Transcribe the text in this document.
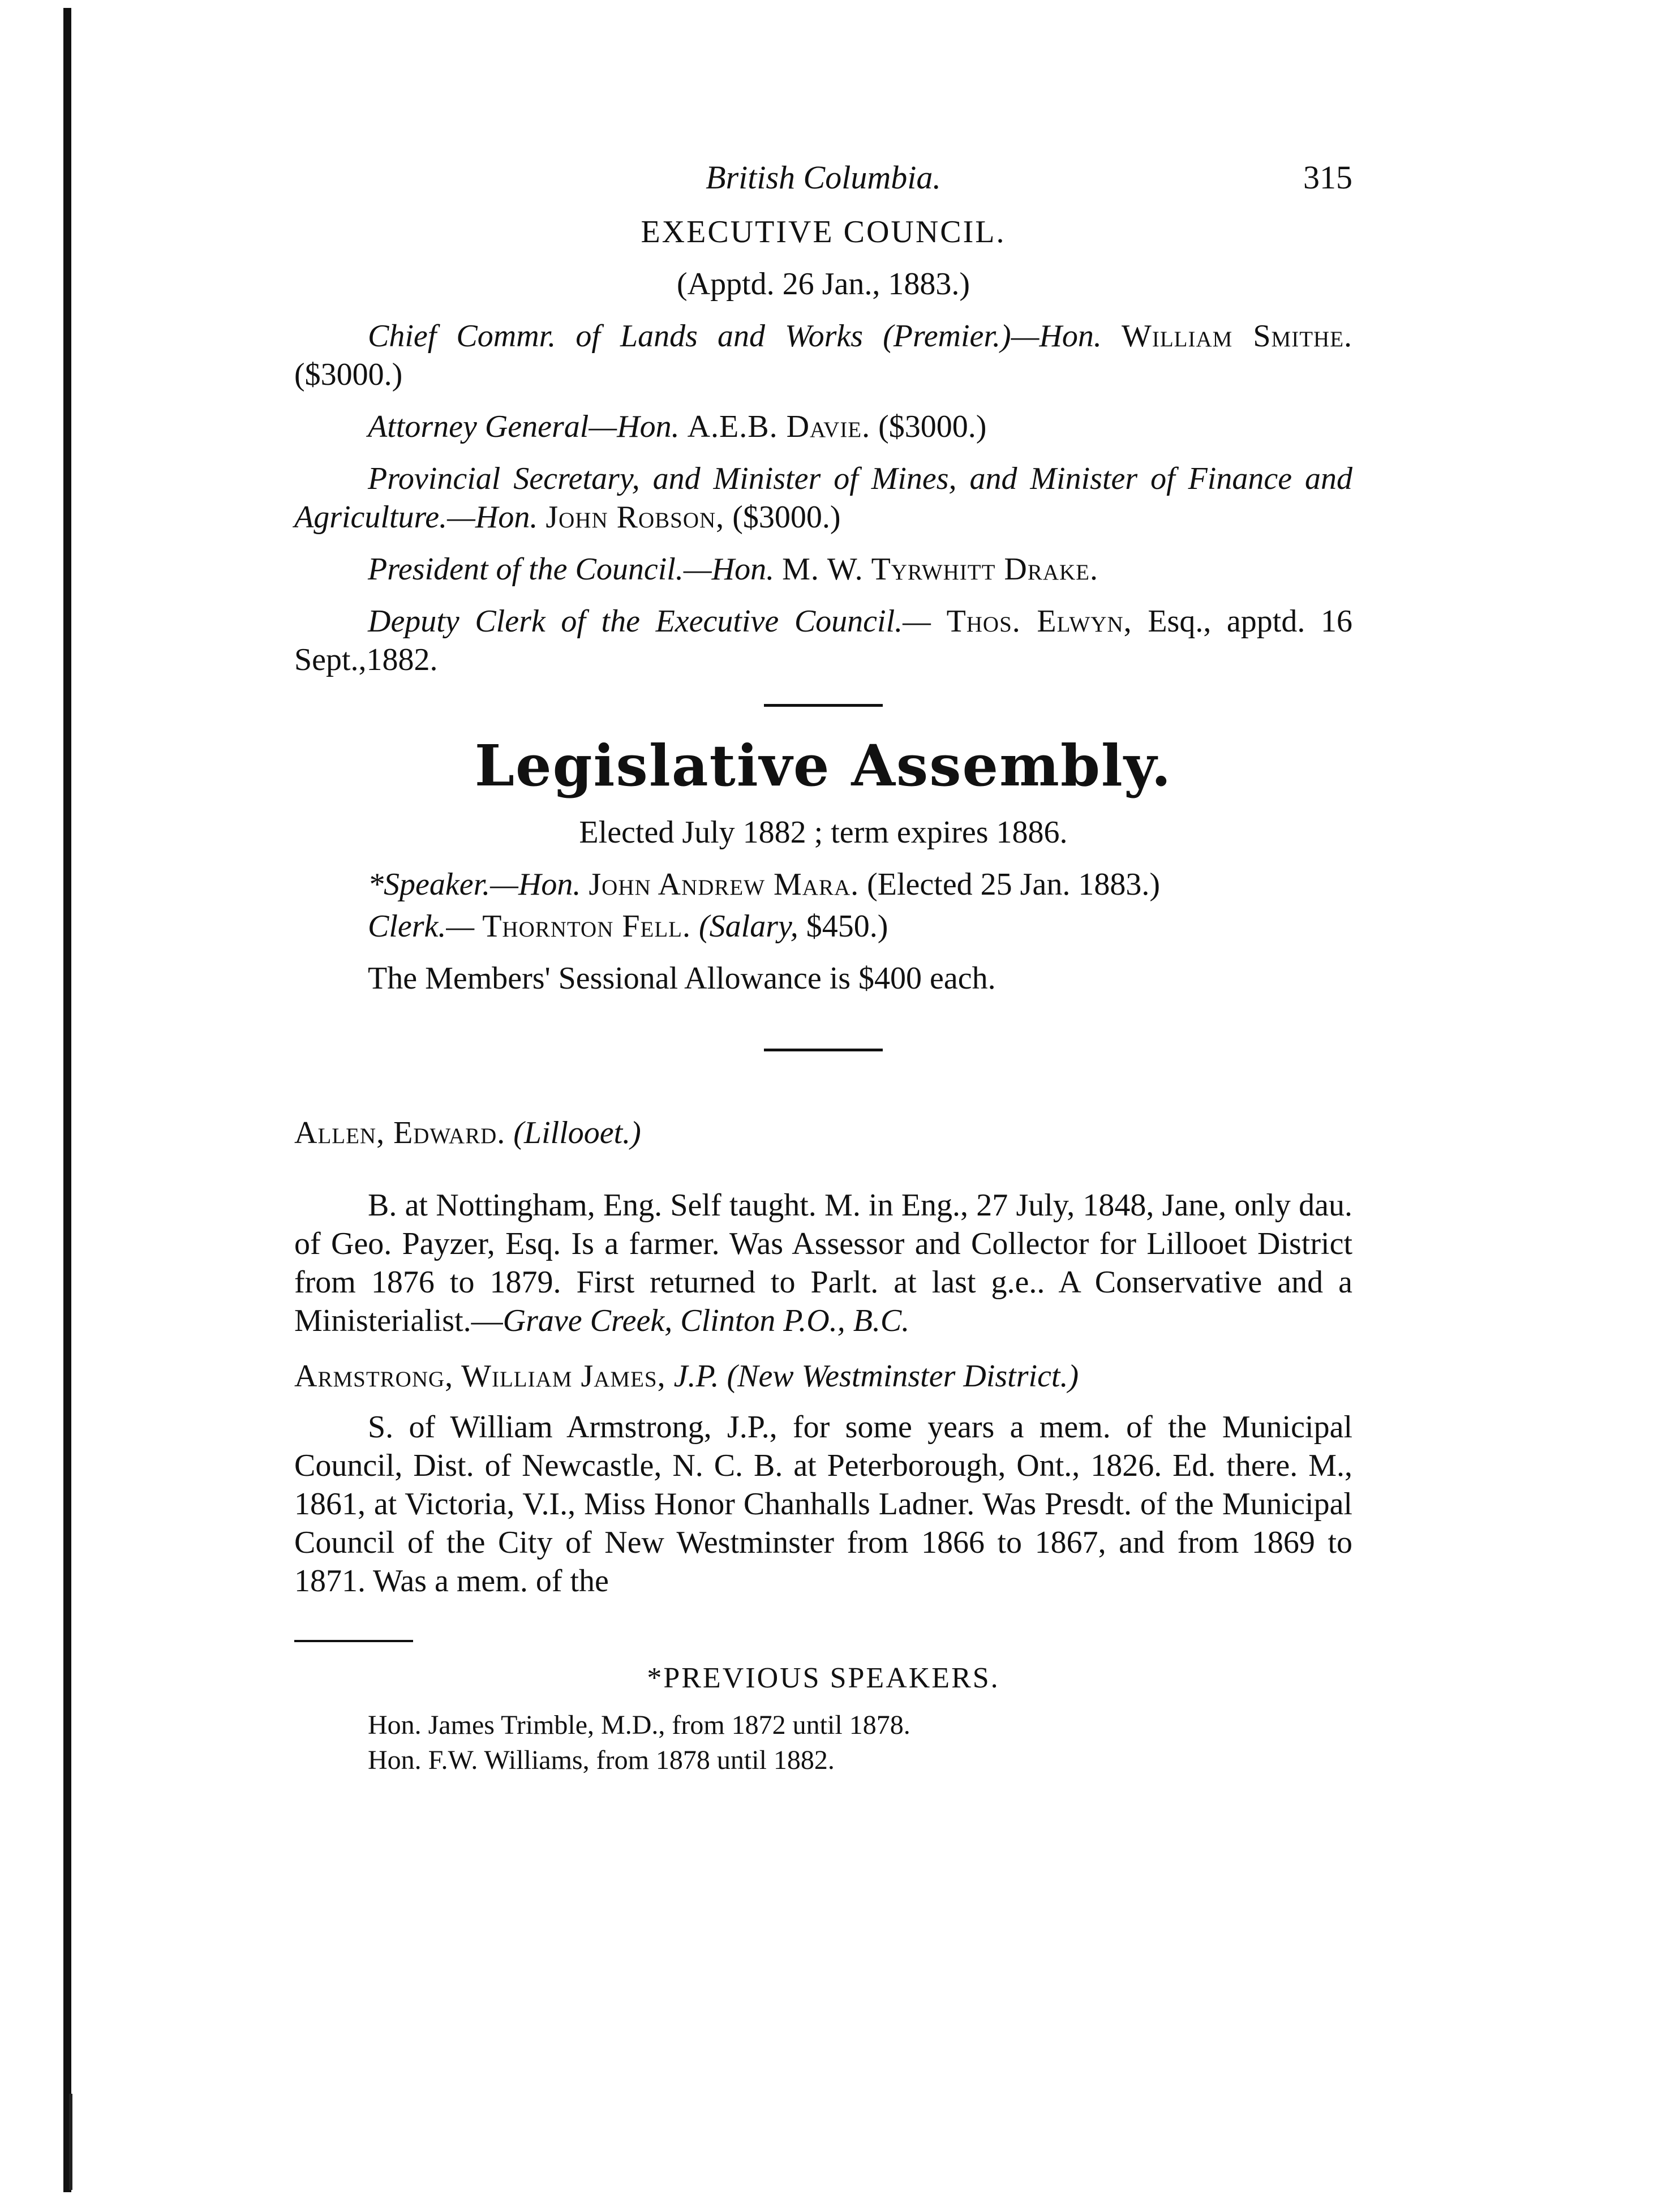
British Columbia.	315
EXECUTIVE COUNCIL.
(Apptd. 26 Jan., 1883.)

Chief Commr. of Lands and Works (Premier.)—Hon. William Smithe. ($3000.)

Attorney General—Hon. A.E.B. Davie. ($3000.)

Provincial Secretary, and Minister of Mines, and Minister of Finance and Agriculture.—Hon. John Robson, ($3000.)

President of the Council.—Hon. M. W. Tyrwhitt Drake.

Deputy Clerk of the Executive Council.— Thos. Elwyn, Esq., apptd. 16 Sept.,1882.

Legislative Assembly.
Elected July 1882 ; term expires 1886.

*Speaker.—Hon. John Andrew Mara. (Elected 25 Jan. 1883.)

Clerk.— Thornton Fell. (Salary, $450.)

The Members' Sessional Allowance is $400 each.

Allen, Edward. (Lillooet.)

B. at Nottingham, Eng. Self taught. M. in Eng., 27 July, 1848, Jane, only dau. of Geo. Payzer, Esq. Is a farmer. Was Assessor and Collector for Lillooet District from 1876 to 1879. First returned to Parlt. at last g.e.. A Conservative and a Ministerialist.—Grave Creek, Clinton P.O., B.C.

Armstrong, William James, J.P. (New Westminster District.)

S. of William Armstrong, J.P., for some years a mem. of the Municipal Council, Dist. of Newcastle, N. C. B. at Peterborough, Ont., 1826. Ed. there. M., 1861, at Victoria, V.I., Miss Honor Chanhalls Ladner. Was Presdt. of the Municipal Council of the City of New Westminster from 1866 to 1867, and from 1869 to 1871. Was a mem. of the

*PREVIOUS SPEAKERS.
Hon. James Trimble, M.D., from 1872 until 1878.
Hon. F.W. Williams, from 1878 until 1882.
